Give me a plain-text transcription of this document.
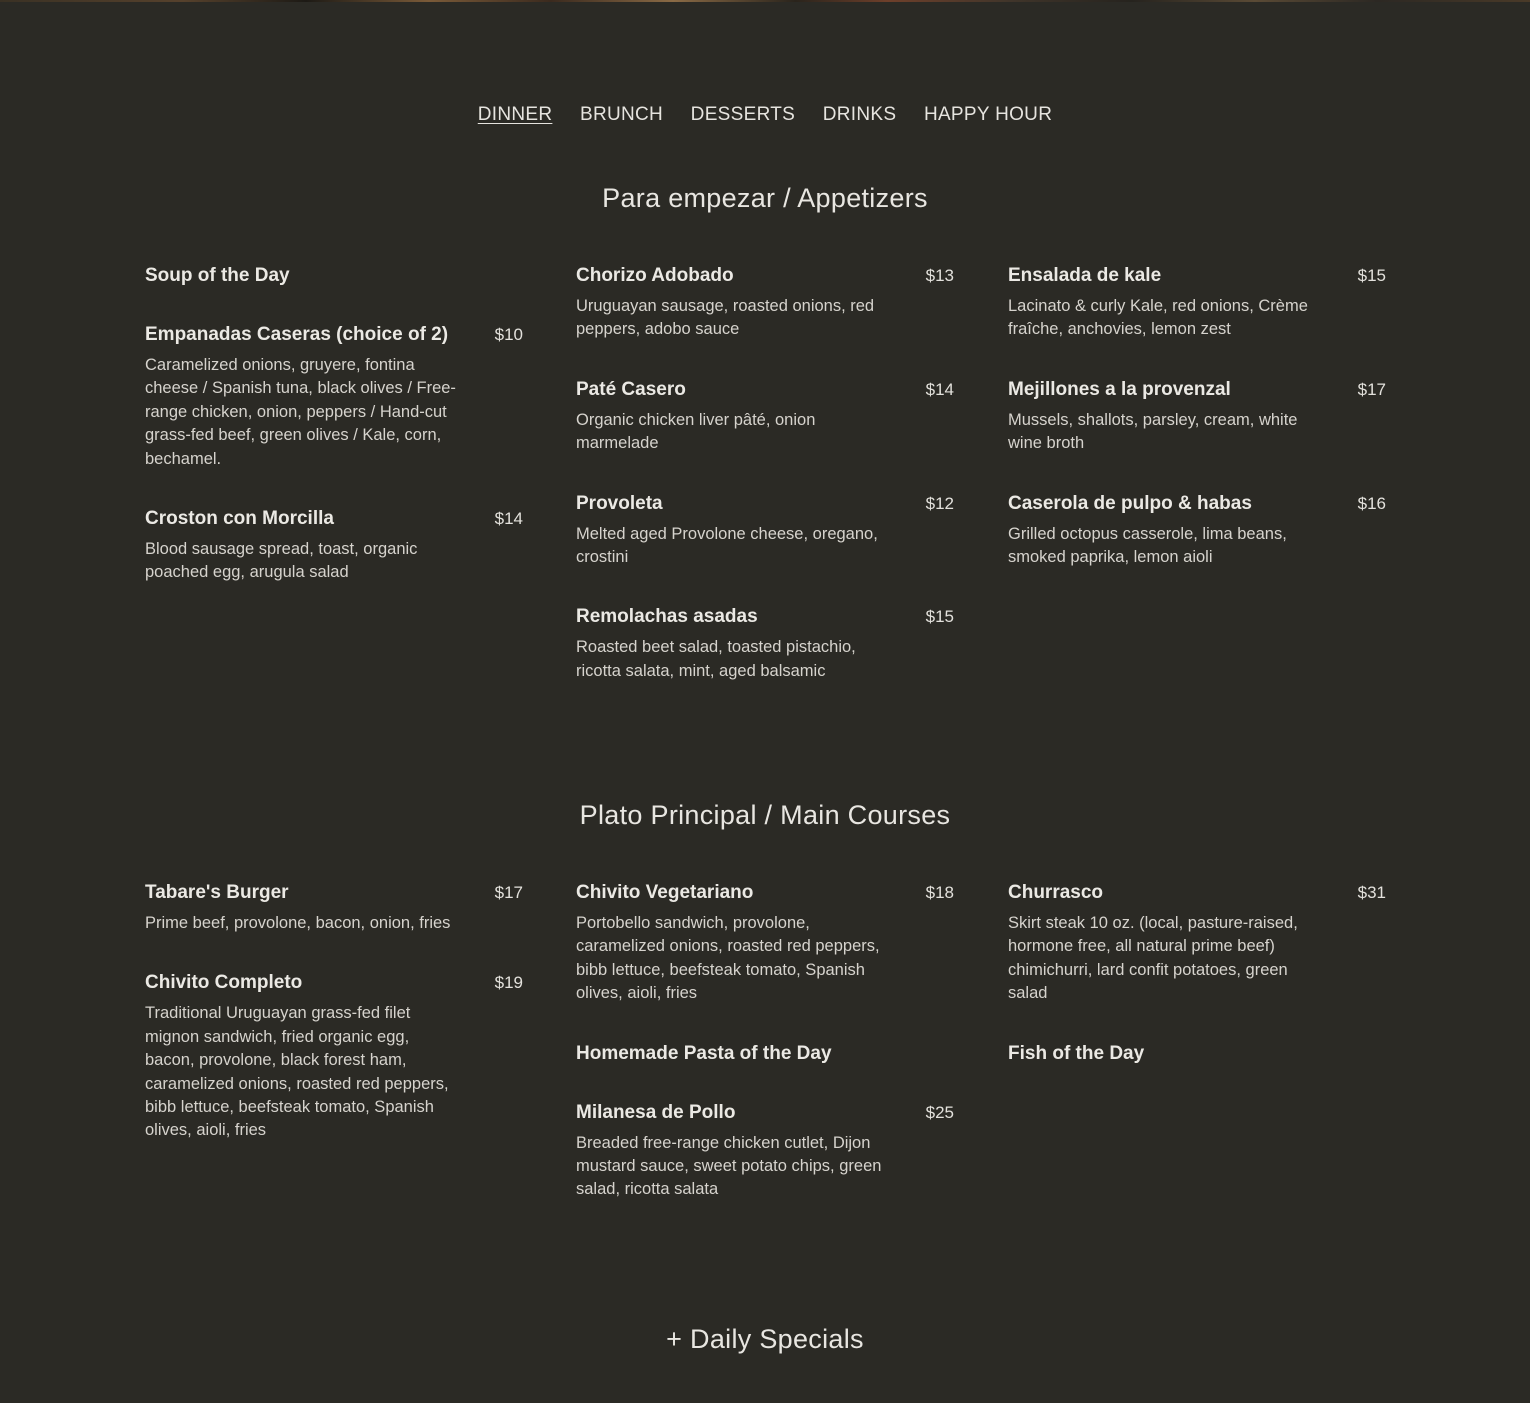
DINNER BRUNCH DESSERTS DRINKS HAPPY HOUR
Para empezar / Appetizers
Soup of the Day
Empanadas Caseras (choice of 2)	$10
Caramelized onions, gruyere, fontina cheese / Spanish tuna, black olives / Free-range chicken, onion, peppers / Hand-cut grass-fed beef, green olives / Kale, corn, bechamel.
Croston con Morcilla	$14
Blood sausage spread, toast, organic poached egg, arugula salad
Chorizo Adobado	$13
Uruguayan sausage, roasted onions, red peppers, adobo sauce
Paté Casero	$14
Organic chicken liver pâté, onion marmelade
Provoleta	$12
Melted aged Provolone cheese, oregano, crostini
Remolachas asadas	$15
Roasted beet salad, toasted pistachio, ricotta salata, mint, aged balsamic
Ensalada de kale	$15
Lacinato & curly Kale, red onions, Crème fraîche, anchovies, lemon zest
Mejillones a la provenzal	$17
Mussels, shallots, parsley, cream, white wine broth
Caserola de pulpo & habas	$16
Grilled octopus casserole, lima beans, smoked paprika, lemon aioli
Plato Principal / Main Courses
Tabare's Burger	$17
Prime beef, provolone, bacon, onion, fries
Chivito Completo	$19
Traditional Uruguayan grass-fed filet mignon sandwich, fried organic egg, bacon, provolone, black forest ham, caramelized onions, roasted red peppers, bibb lettuce, beefsteak tomato, Spanish olives, aioli, fries
Chivito Vegetariano	$18
Portobello sandwich, provolone, caramelized onions, roasted red peppers, bibb lettuce, beefsteak tomato, Spanish olives, aioli, fries
Homemade Pasta of the Day
Milanesa de Pollo	$25
Breaded free-range chicken cutlet, Dijon mustard sauce, sweet potato chips, green salad, ricotta salata
Churrasco	$31
Skirt steak 10 oz. (local, pasture-raised, hormone free, all natural prime beef) chimichurri, lard confit potatoes, green salad
Fish of the Day
+ Daily Specials
